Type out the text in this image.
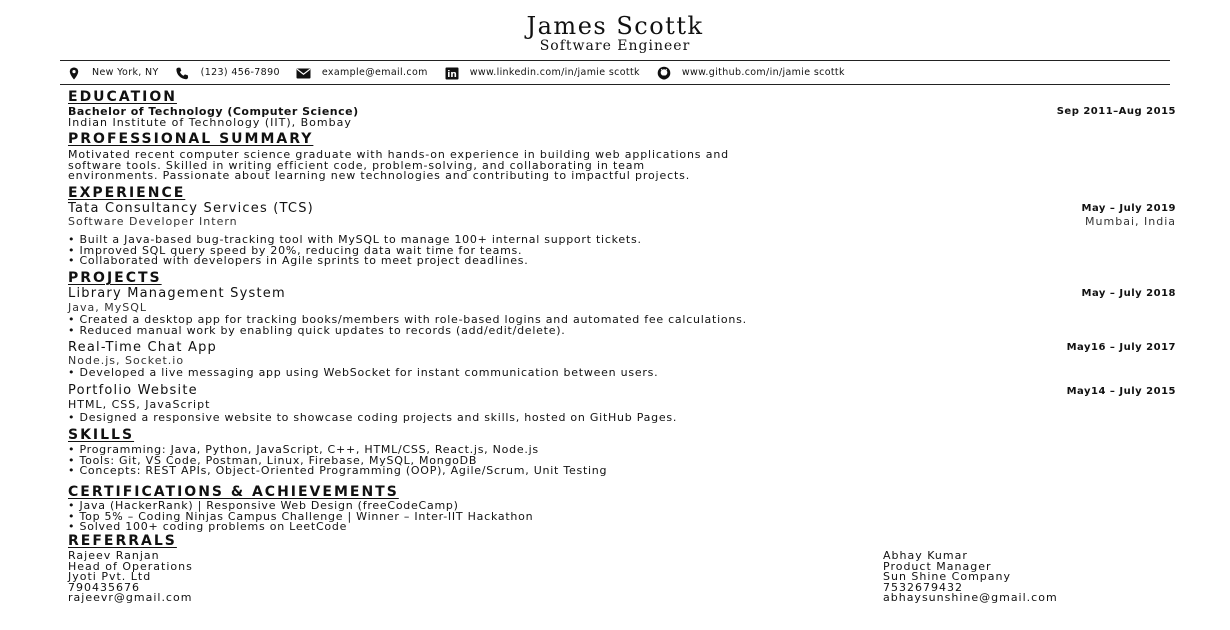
James Scottk
Software Engineer
New York, NY	(123) 456-7890	example@email.com in www.linkedin.com/in/jamie scottk	www.github.com/in/jamie scottk
EDUCATION
Bachelor of Technology (Computer Science)	Sep 2011–Aug 2015
Indian Institute of Technology (IIT), Bombay
PROFESSIONAL SUMMARY
Motivated recent computer science graduate with hands-on experience in building web applications and
software tools. Skilled in writing efficient code, problem-solving, and collaborating in team
environments. Passionate about learning new technologies and contributing to impactful projects.
EXPERIENCE
Tata Consultancy Services (TCS)	May – July 2019
Software Developer Intern	Mumbai, India
• Built a Java-based bug-tracking tool with MySQL to manage 100+ internal support tickets.
• Improved SQL query speed by 20%, reducing data wait time for teams.
• Collaborated with developers in Agile sprints to meet project deadlines.
PROJECTS
Library Management System	May – July 2018
Java, MySQL
• Created a desktop app for tracking books/members with role-based logins and automated fee calculations.
• Reduced manual work by enabling quick updates to records (add/edit/delete).
Real-Time Chat App	May16 – July 2017
Node.js, Socket.io
• Developed a live messaging app using WebSocket for instant communication between users.
Portfolio Website	May14 – July 2015
HTML, CSS, JavaScript
• Designed a responsive website to showcase coding projects and skills, hosted on GitHub Pages.
SKILLS
• Programming: Java, Python, JavaScript, C++, HTML/CSS, React.js, Node.js
• Tools: Git, VS Code, Postman, Linux, Firebase, MySQL, MongoDB
• Concepts: REST APIs, Object-Oriented Programming (OOP), Agile/Scrum, Unit Testing
CERTIFICATIONS & ACHIEVEMENTS
• Java (HackerRank) | Responsive Web Design (freeCodeCamp)
• Top 5% – Coding Ninjas Campus Challenge | Winner – Inter-IIT Hackathon
• Solved 100+ coding problems on LeetCode
REFERRALS
Rajeev Ranjan
Head of Operations
Jyoti Pvt. Ltd
790435676
rajeevr@gmail.com
Abhay Kumar
Product Manager
Sun Shine Company
7532679432
abhaysunshine@gmail.com
